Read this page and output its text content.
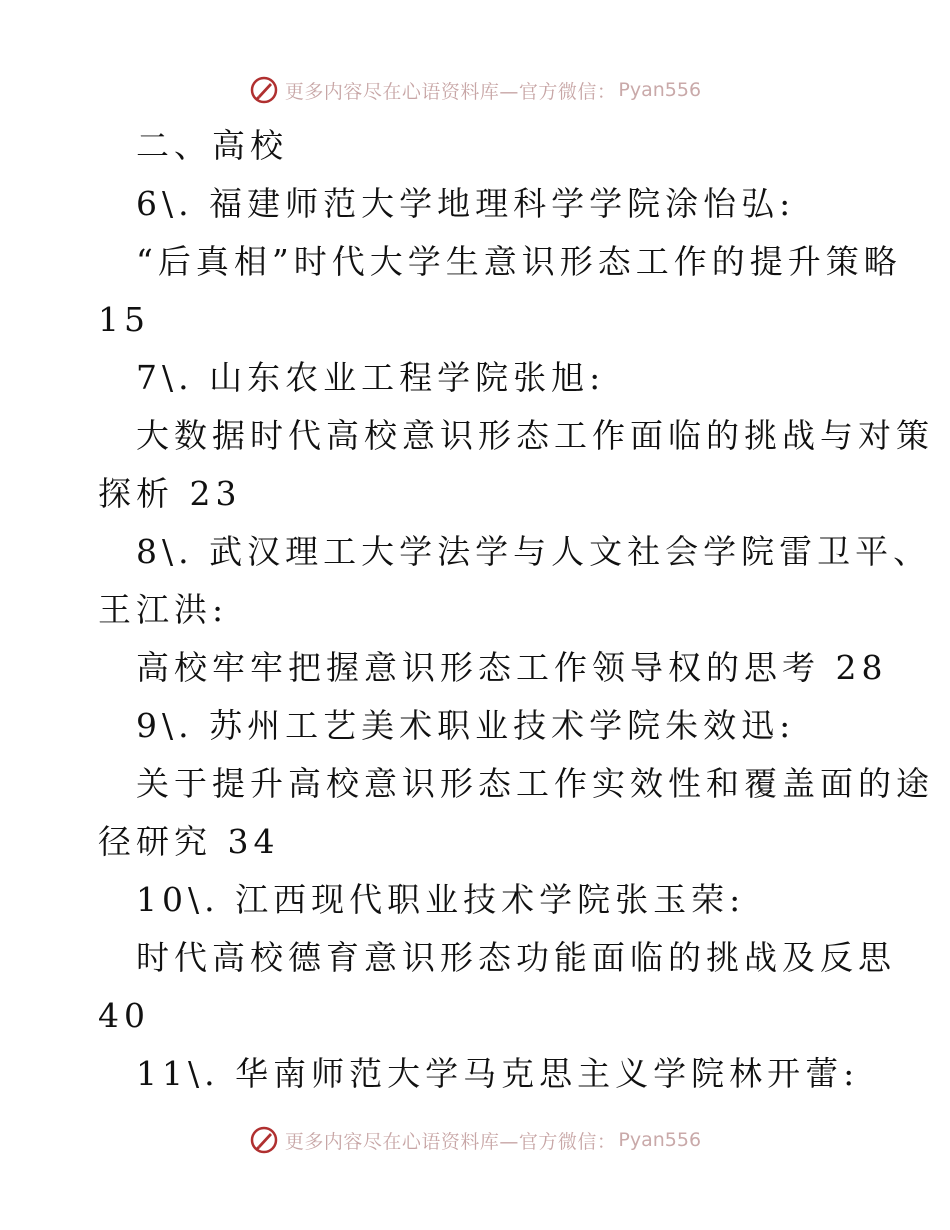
更多内容尽在心语资料库—官方微信： Pyan556
二、高校
6\. 福建师范大学地理科学学院涂怡弘:
“后真相”时代大学生意识形态工作的提升策略
15
7\. 山东农业工程学院张旭:
大数据时代高校意识形态工作面临的挑战与对策
探析 23
8\. 武汉理工大学法学与人文社会学院雷卫平、
王江洪:
高校牢牢把握意识形态工作领导权的思考 28
9\. 苏州工艺美术职业技术学院朱效迅:
关于提升高校意识形态工作实效性和覆盖面的途
径研究 34
10\. 江西现代职业技术学院张玉荣:
时代高校德育意识形态功能面临的挑战及反思
40
11\. 华南师范大学马克思主义学院林开蕾:
更多内容尽在心语资料库—官方微信： Pyan556
